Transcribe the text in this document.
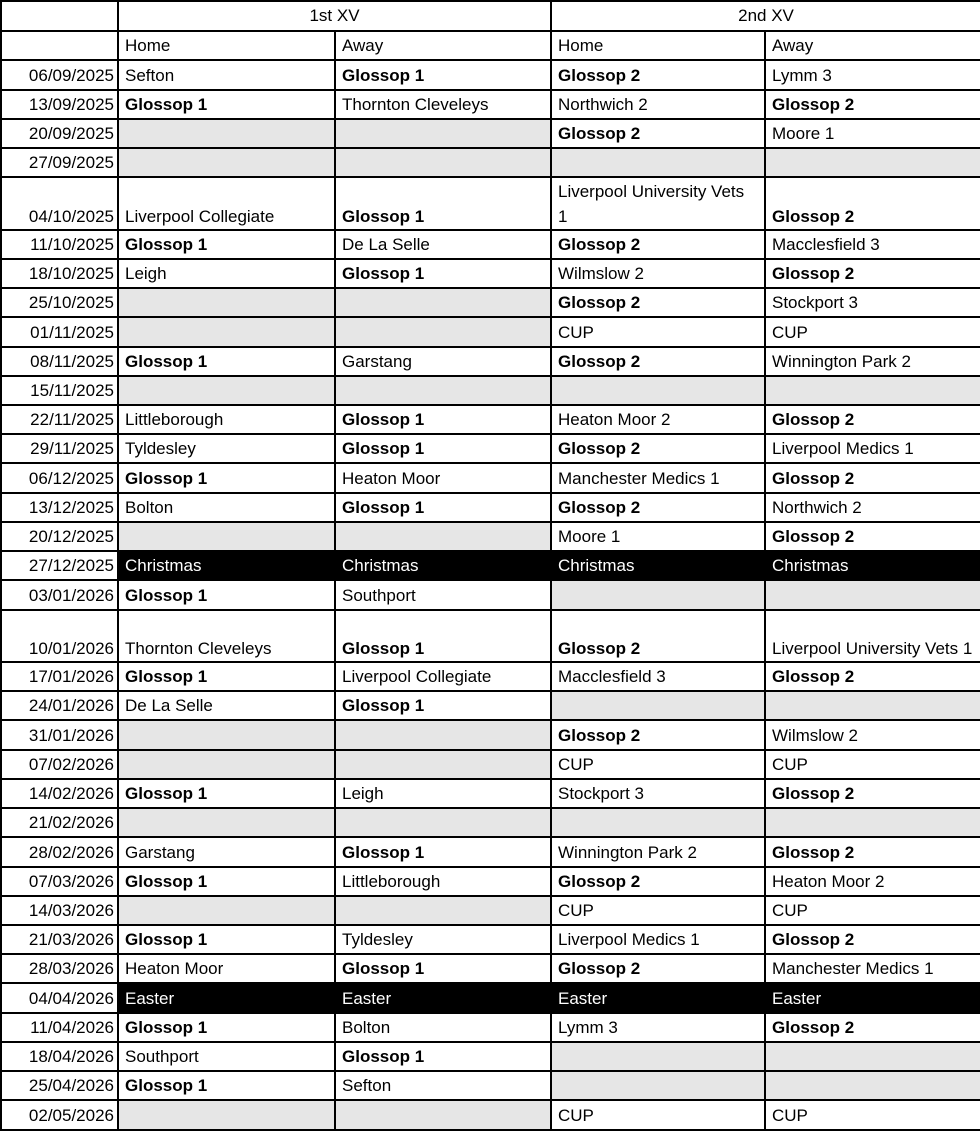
	1st XV		2nd XV	
	Home	Away	Home	Away
06/09/2025	Sefton	Glossop 1	Glossop 2	Lymm 3
13/09/2025	Glossop 1	Thornton Cleveleys	Northwich 2	Glossop 2
20/09/2025			Glossop 2	Moore 1
27/09/2025				
04/10/2025	Liverpool Collegiate	Glossop 1	Liverpool University Vets 1	Glossop 2
11/10/2025	Glossop 1	De La Selle	Glossop 2	Macclesfield 3
18/10/2025	Leigh	Glossop 1	Wilmslow 2	Glossop 2
25/10/2025			Glossop 2	Stockport 3
01/11/2025			CUP	CUP
08/11/2025	Glossop 1	Garstang	Glossop 2	Winnington Park 2
15/11/2025				
22/11/2025	Littleborough	Glossop 1	Heaton Moor 2	Glossop 2
29/11/2025	Tyldesley	Glossop 1	Glossop 2	Liverpool Medics 1
06/12/2025	Glossop 1	Heaton Moor	Manchester Medics 1	Glossop 2
13/12/2025	Bolton	Glossop 1	Glossop 2	Northwich 2
20/12/2025			Moore 1	Glossop 2
27/12/2025	Christmas	Christmas	Christmas	Christmas
03/01/2026	Glossop 1	Southport		
10/01/2026	Thornton Cleveleys	Glossop 1	Glossop 2	Liverpool University Vets 1
17/01/2026	Glossop 1	Liverpool Collegiate	Macclesfield 3	Glossop 2
24/01/2026	De La Selle	Glossop 1		
31/01/2026			Glossop 2	Wilmslow 2
07/02/2026			CUP	CUP
14/02/2026	Glossop 1	Leigh	Stockport 3	Glossop 2
21/02/2026				
28/02/2026	Garstang	Glossop 1	Winnington Park 2	Glossop 2
07/03/2026	Glossop 1	Littleborough	Glossop 2	Heaton Moor 2
14/03/2026			CUP	CUP
21/03/2026	Glossop 1	Tyldesley	Liverpool Medics 1	Glossop 2
28/03/2026	Heaton Moor	Glossop 1	Glossop 2	Manchester Medics 1
04/04/2026	Easter	Easter	Easter	Easter
11/04/2026	Glossop 1	Bolton	Lymm 3	Glossop 2
18/04/2026	Southport	Glossop 1		
25/04/2026	Glossop 1	Sefton		
02/05/2026			CUP	CUP
